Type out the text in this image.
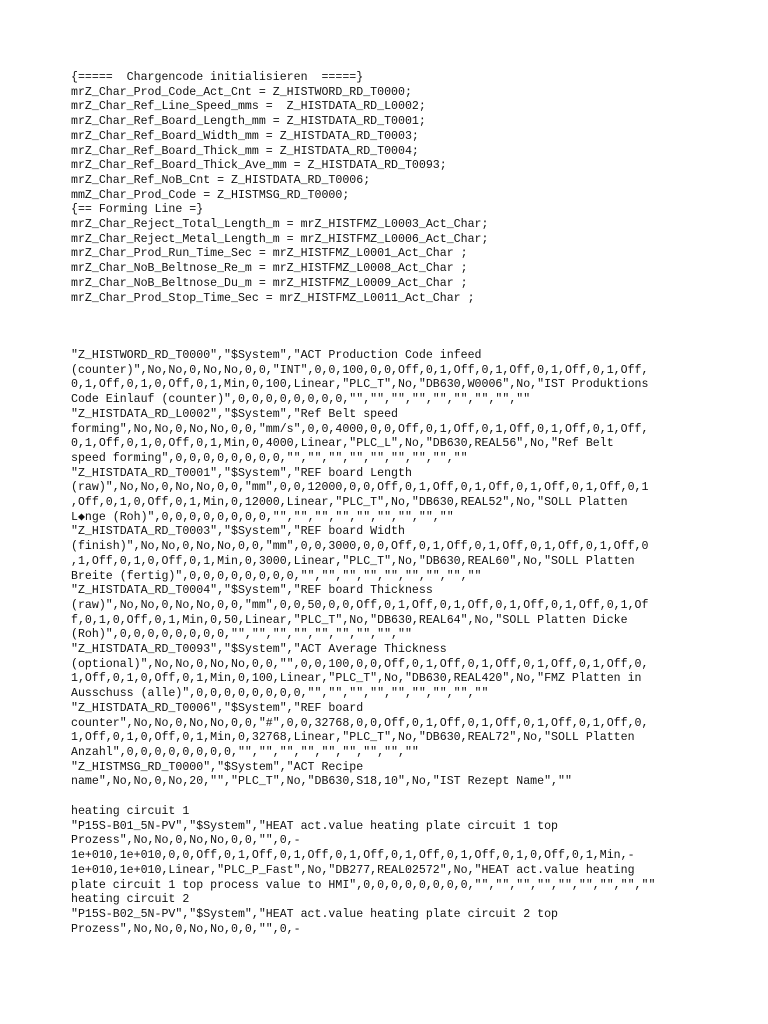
{=====  Chargencode initialisieren  =====}
mrZ_Char_Prod_Code_Act_Cnt = Z_HISTWORD_RD_T0000;
mrZ_Char_Ref_Line_Speed_mms =  Z_HISTDATA_RD_L0002;
mrZ_Char_Ref_Board_Length_mm = Z_HISTDATA_RD_T0001;
mrZ_Char_Ref_Board_Width_mm = Z_HISTDATA_RD_T0003;
mrZ_Char_Ref_Board_Thick_mm = Z_HISTDATA_RD_T0004;
mrZ_Char_Ref_Board_Thick_Ave_mm = Z_HISTDATA_RD_T0093;
mrZ_Char_Ref_NoB_Cnt = Z_HISTDATA_RD_T0006;
mmZ_Char_Prod_Code = Z_HISTMSG_RD_T0000;
{== Forming Line =}
mrZ_Char_Reject_Total_Length_m = mrZ_HISTFMZ_L0003_Act_Char;
mrZ_Char_Reject_Metal_Length_m = mrZ_HISTFMZ_L0006_Act_Char;
mrZ_Char_Prod_Run_Time_Sec = mrZ_HISTFMZ_L0001_Act_Char ;
mrZ_Char_NoB_Beltnose_Re_m = mrZ_HISTFMZ_L0008_Act_Char ;
mrZ_Char_NoB_Beltnose_Du_m = mrZ_HISTFMZ_L0009_Act_Char ;
mrZ_Char_Prod_Stop_Time_Sec = mrZ_HISTFMZ_L0011_Act_Char ;
"Z_HISTWORD_RD_T0000","$System","ACT Production Code infeed
(counter)",No,No,0,No,No,0,0,"INT",0,0,100,0,0,Off,0,1,Off,0,1,Off,0,1,Off,0,1,Off,
0,1,Off,0,1,0,Off,0,1,Min,0,100,Linear,"PLC_T",No,"DB630,W0006",No,"IST Produktions
Code Einlauf (counter)",0,0,0,0,0,0,0,0,"","","","","","","","",""
"Z_HISTDATA_RD_L0002","$System","Ref Belt speed
forming",No,No,0,No,No,0,0,"mm/s",0,0,4000,0,0,Off,0,1,Off,0,1,Off,0,1,Off,0,1,Off,
0,1,Off,0,1,0,Off,0,1,Min,0,4000,Linear,"PLC_L",No,"DB630,REAL56",No,"Ref Belt
speed forming",0,0,0,0,0,0,0,0,"","","","","","","","",""
"Z_HISTDATA_RD_T0001","$System","REF board Length
(raw)",No,No,0,No,No,0,0,"mm",0,0,12000,0,0,Off,0,1,Off,0,1,Off,0,1,Off,0,1,Off,0,1
,Off,0,1,0,Off,0,1,Min,0,12000,Linear,"PLC_T",No,"DB630,REAL52",No,"SOLL Platten
L◆nge (Roh)",0,0,0,0,0,0,0,0,"","","","","","","","",""
"Z_HISTDATA_RD_T0003","$System","REF board Width
(finish)",No,No,0,No,No,0,0,"mm",0,0,3000,0,0,Off,0,1,Off,0,1,Off,0,1,Off,0,1,Off,0
,1,Off,0,1,0,Off,0,1,Min,0,3000,Linear,"PLC_T",No,"DB630,REAL60",No,"SOLL Platten
Breite (fertig)",0,0,0,0,0,0,0,0,"","","","","","","","",""
"Z_HISTDATA_RD_T0004","$System","REF board Thickness
(raw)",No,No,0,No,No,0,0,"mm",0,0,50,0,0,Off,0,1,Off,0,1,Off,0,1,Off,0,1,Off,0,1,Of
f,0,1,0,Off,0,1,Min,0,50,Linear,"PLC_T",No,"DB630,REAL64",No,"SOLL Platten Dicke
(Roh)",0,0,0,0,0,0,0,0,"","","","","","","","",""
"Z_HISTDATA_RD_T0093","$System","ACT Average Thickness
(optional)",No,No,0,No,No,0,0,"",0,0,100,0,0,Off,0,1,Off,0,1,Off,0,1,Off,0,1,Off,0,
1,Off,0,1,0,Off,0,1,Min,0,100,Linear,"PLC_T",No,"DB630,REAL420",No,"FMZ Platten in
Ausschuss (alle)",0,0,0,0,0,0,0,0,"","","","","","","","",""
"Z_HISTDATA_RD_T0006","$System","REF board
counter",No,No,0,No,No,0,0,"#",0,0,32768,0,0,Off,0,1,Off,0,1,Off,0,1,Off,0,1,Off,0,
1,Off,0,1,0,Off,0,1,Min,0,32768,Linear,"PLC_T",No,"DB630,REAL72",No,"SOLL Platten
Anzahl",0,0,0,0,0,0,0,0,"","","","","","","","",""
"Z_HISTMSG_RD_T0000","$System","ACT Recipe
name",No,No,0,No,20,"","PLC_T",No,"DB630,S18,10",No,"IST Rezept Name",""
heating circuit 1
"P15S-B01_5N-PV","$System","HEAT act.value heating plate circuit 1 top
Prozess",No,No,0,No,No,0,0,"",0,-
1e+010,1e+010,0,0,Off,0,1,Off,0,1,Off,0,1,Off,0,1,Off,0,1,Off,0,1,0,Off,0,1,Min,-
1e+010,1e+010,Linear,"PLC_P_Fast",No,"DB277,REAL02572",No,"HEAT act.value heating
plate circuit 1 top process value to HMI",0,0,0,0,0,0,0,0,"","","","","","","","",""
heating circuit 2
"P15S-B02_5N-PV","$System","HEAT act.value heating plate circuit 2 top
Prozess",No,No,0,No,No,0,0,"",0,-
